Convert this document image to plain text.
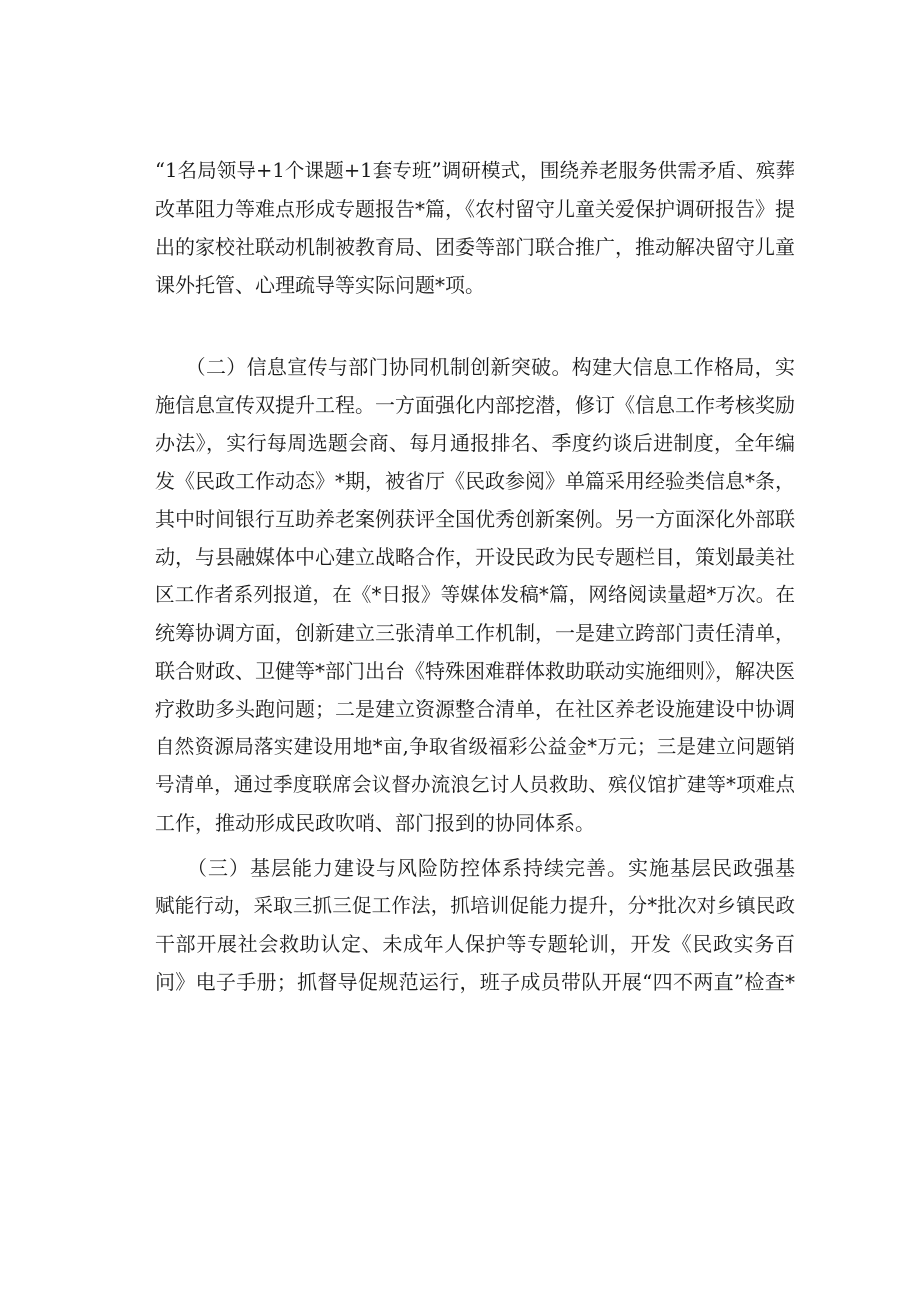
“1名局领导+1个课题+1套专班”调研模式，围绕养老服务供需矛盾、殡葬
改革阻力等难点形成专题报告*篇，《农村留守儿童关爱保护调研报告》提
出的家校社联动机制被教育局、团委等部门联合推广，推动解决留守儿童
课外托管、心理疏导等实际问题*项。
　　（二）信息宣传与部门协同机制创新突破。构建大信息工作格局，实
施信息宣传双提升工程。一方面强化内部挖潜，修订《信息工作考核奖励
办法》，实行每周选题会商、每月通报排名、季度约谈后进制度，全年编
发《民政工作动态》*期，被省厅《民政参阅》单篇采用经验类信息*条，
其中时间银行互助养老案例获评全国优秀创新案例。另一方面深化外部联
动，与县融媒体中心建立战略合作，开设民政为民专题栏目，策划最美社
区工作者系列报道，在《*日报》等媒体发稿*篇，网络阅读量超*万次。在
统筹协调方面，创新建立三张清单工作机制，一是建立跨部门责任清单，
联合财政、卫健等*部门出台《特殊困难群体救助联动实施细则》，解决医
疗救助多头跑问题；二是建立资源整合清单，在社区养老设施建设中协调
自然资源局落实建设用地*亩,争取省级福彩公益金*万元；三是建立问题销
号清单，通过季度联席会议督办流浪乞讨人员救助、殡仪馆扩建等*项难点
工作，推动形成民政吹哨、部门报到的协同体系。
　　（三）基层能力建设与风险防控体系持续完善。实施基层民政强基
赋能行动，采取三抓三促工作法，抓培训促能力提升，分*批次对乡镇民政
干部开展社会救助认定、未成年人保护等专题轮训，开发《民政实务百
问》电子手册；抓督导促规范运行，班子成员带队开展“四不两直”检查*
